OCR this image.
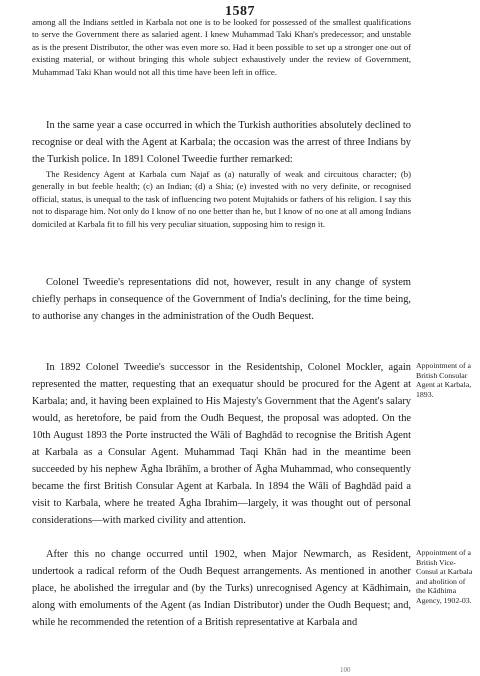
1587

among all the Indians settled in Karbala not one is to be looked for possessed of the smallest qualifications to serve the Government there as salaried agent. I knew Muhammad Taki Khan's predecessor; and unstable as is the present Distributor, the other was even more so. Had it been possible to set up a stronger one out of existing material, or without bringing this whole subject exhaustively under the review of Government, Muhammad Taki Khan would not all this time have been left in office.

In the same year a case occurred in which the Turkish authorities absolutely declined to recognise or deal with the Agent at Karbala; the occasion was the arrest of three Indians by the Turkish police. In 1891 Colonel Tweedie further remarked:

The Residency Agent at Karbala cum Najaf as (a) naturally of weak and circuitous character; (b) generally in but feeble health; (c) an Indian; (d) a Shia; (e) invested with no very definite, or recognised official, status, is unequal to the task of influencing two potent Mujtahids or fathers of his religion. I say this not to disparage him. Not only do I know of no one better than he, but I know of no one at all among Indians domiciled at Karbala fit to fill his very peculiar situation, supposing him to resign it.

Colonel Tweedie's representations did not, however, result in any change of system chiefly perhaps in consequence of the Government of India's declining, for the time being, to authorise any changes in the administration of the Oudh Bequest.

In 1892 Colonel Tweedie's successor in the Residentship, Colonel Mockler, again represented the matter, requesting that an exequatur should be procured for the Agent at Karbala; and, it having been explained to His Majesty's Government that the Agent's salary would, as heretofore, be paid from the Oudh Bequest, the proposal was adopted. On the 10th August 1893 the Porte instructed the Wāli of Baghdād to recognise the British Agent at Karbala as a Consular Agent. Muhammad Taqi Khān had in the meantime been succeeded by his nephew Āgha Ibrāhīm, a brother of Āgha Muhammad, who consequently became the first British Consular Agent at Karbala. In 1894 the Wāli of Baghdād paid a visit to Karbala, where he treated Āgha Ibrahim—largely, it was thought out of personal considerations—with marked civility and attention.

After this no change occurred until 1902, when Major Newmarch, as Resident, undertook a radical reform of the Oudh Bequest arrangements. As mentioned in another place, he abolished the irregular and (by the Turks) unrecognised Agency at Kādhimain, along with emoluments of the Agent (as Indian Distributor) under the Oudh Bequest; and, while he recommended the retention of a British representative at Karbala and

Appointment of a British Consular Agent at Karbala, 1893.
Appointment of a British Vice-Consul at Karbala and abolition of the Kādhima Agency, 1902-03.
100
